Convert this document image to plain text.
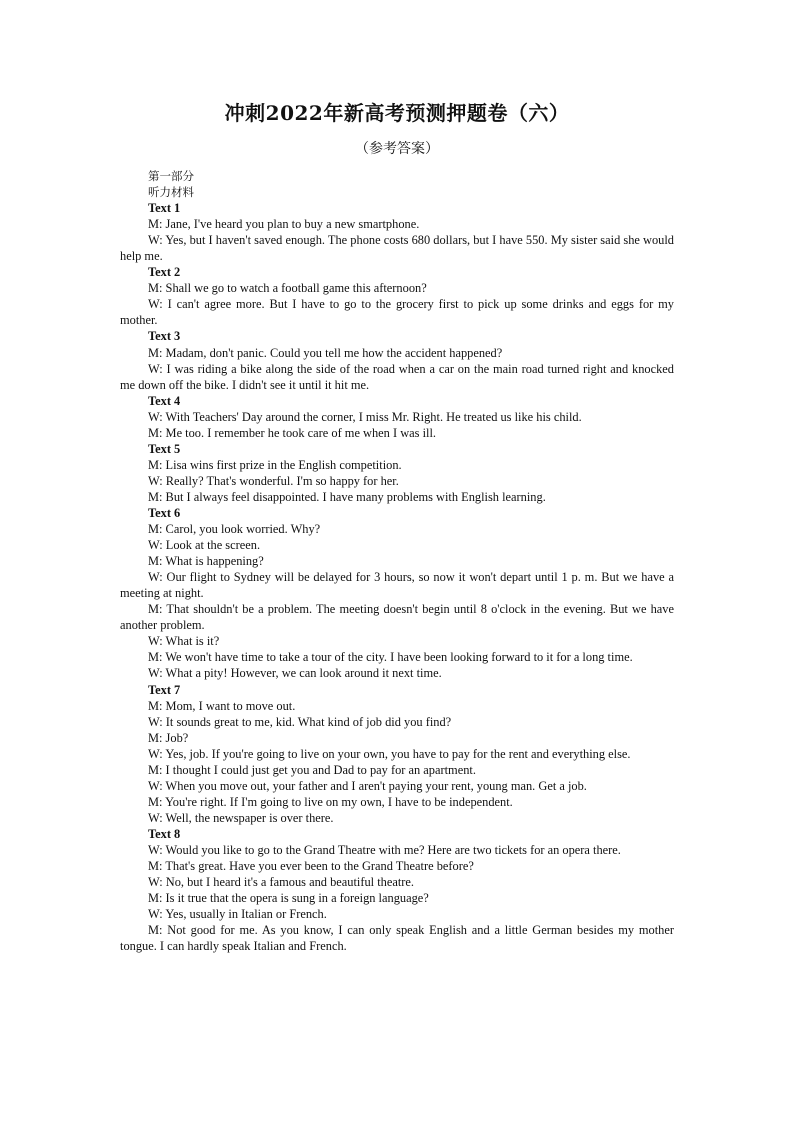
冲刺2022年新高考预测押题卷（六）
（参考答案）

第一部分

听力材料

Text 1

M: Jane, I've heard you plan to buy a new smartphone.

W: Yes, but I haven't saved enough. The phone costs 680 dollars, but I have 550. My sister said she would help me.

Text 2

M: Shall we go to watch a football game this afternoon?

W: I can't agree more. But I have to go to the grocery first to pick up some drinks and eggs for my mother.

Text 3

M: Madam, don't panic. Could you tell me how the accident happened?

W: I was riding a bike along the side of the road when a car on the main road turned right and knocked me down off the bike. I didn't see it until it hit me.

Text 4

W: With Teachers' Day around the corner, I miss Mr. Right. He treated us like his child.

M: Me too. I remember he took care of me when I was ill.

Text 5

M: Lisa wins first prize in the English competition.

W: Really? That's wonderful. I'm so happy for her.

M: But I always feel disappointed. I have many problems with English learning.

Text 6

M: Carol, you look worried. Why?

W: Look at the screen.

M: What is happening?

W: Our flight to Sydney will be delayed for 3 hours, so now it won't depart until 1 p. m. But we have a meeting at night.

M: That shouldn't be a problem. The meeting doesn't begin until 8 o'clock in the evening. But we have another problem.

W: What is it?

M: We won't have time to take a tour of the city. I have been looking forward to it for a long time.

W: What a pity! However, we can look around it next time.

Text 7

M: Mom, I want to move out.

W: It sounds great to me, kid. What kind of job did you find?

M: Job?

W: Yes, job. If you're going to live on your own, you have to pay for the rent and everything else.

M: I thought I could just get you and Dad to pay for an apartment.

W: When you move out, your father and I aren't paying your rent, young man. Get a job.

M: You're right. If I'm going to live on my own, I have to be independent.

W: Well, the newspaper is over there.

Text 8

W: Would you like to go to the Grand Theatre with me? Here are two tickets for an opera there.

M: That's great. Have you ever been to the Grand Theatre before?

W: No, but I heard it's a famous and beautiful theatre.

M: Is it true that the opera is sung in a foreign language?

W: Yes, usually in Italian or French.

M: Not good for me. As you know, I can only speak English and a little German besides my mother tongue. I can hardly speak Italian and French.
